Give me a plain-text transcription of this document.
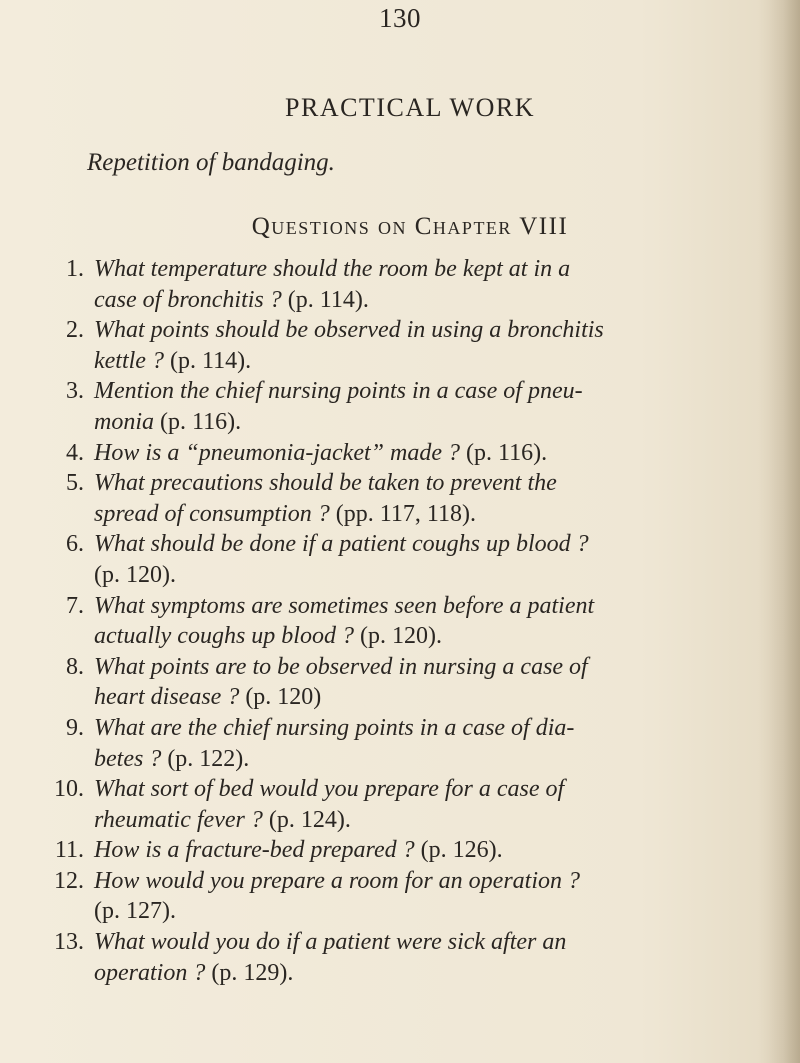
130
PRACTICAL WORK
Repetition of bandaging.
Questions on Chapter VIII
1. What temperature should the room be kept at in a
case of bronchitis ? (p. 114).
2. What points should be observed in using a bronchitis
kettle ? (p. 114).
3. Mention the chief nursing points in a case of pneu-
monia (p. 116).
4. How is a “pneumonia-jacket” made ? (p. 116).
5. What precautions should be taken to prevent the
spread of consumption ? (pp. 117, 118).
6. What should be done if a patient coughs up blood ?
(p. 120).
7. What symptoms are sometimes seen before a patient
actually coughs up blood ? (p. 120).
8. What points are to be observed in nursing a case of
heart disease ? (p. 120)
9. What are the chief nursing points in a case of dia-
betes ? (p. 122).
10. What sort of bed would you prepare for a case of
rheumatic fever ? (p. 124).
11. How is a fracture-bed prepared ? (p. 126).
12. How would you prepare a room for an operation ?
(p. 127).
13. What would you do if a patient were sick after an
operation ? (p. 129).
